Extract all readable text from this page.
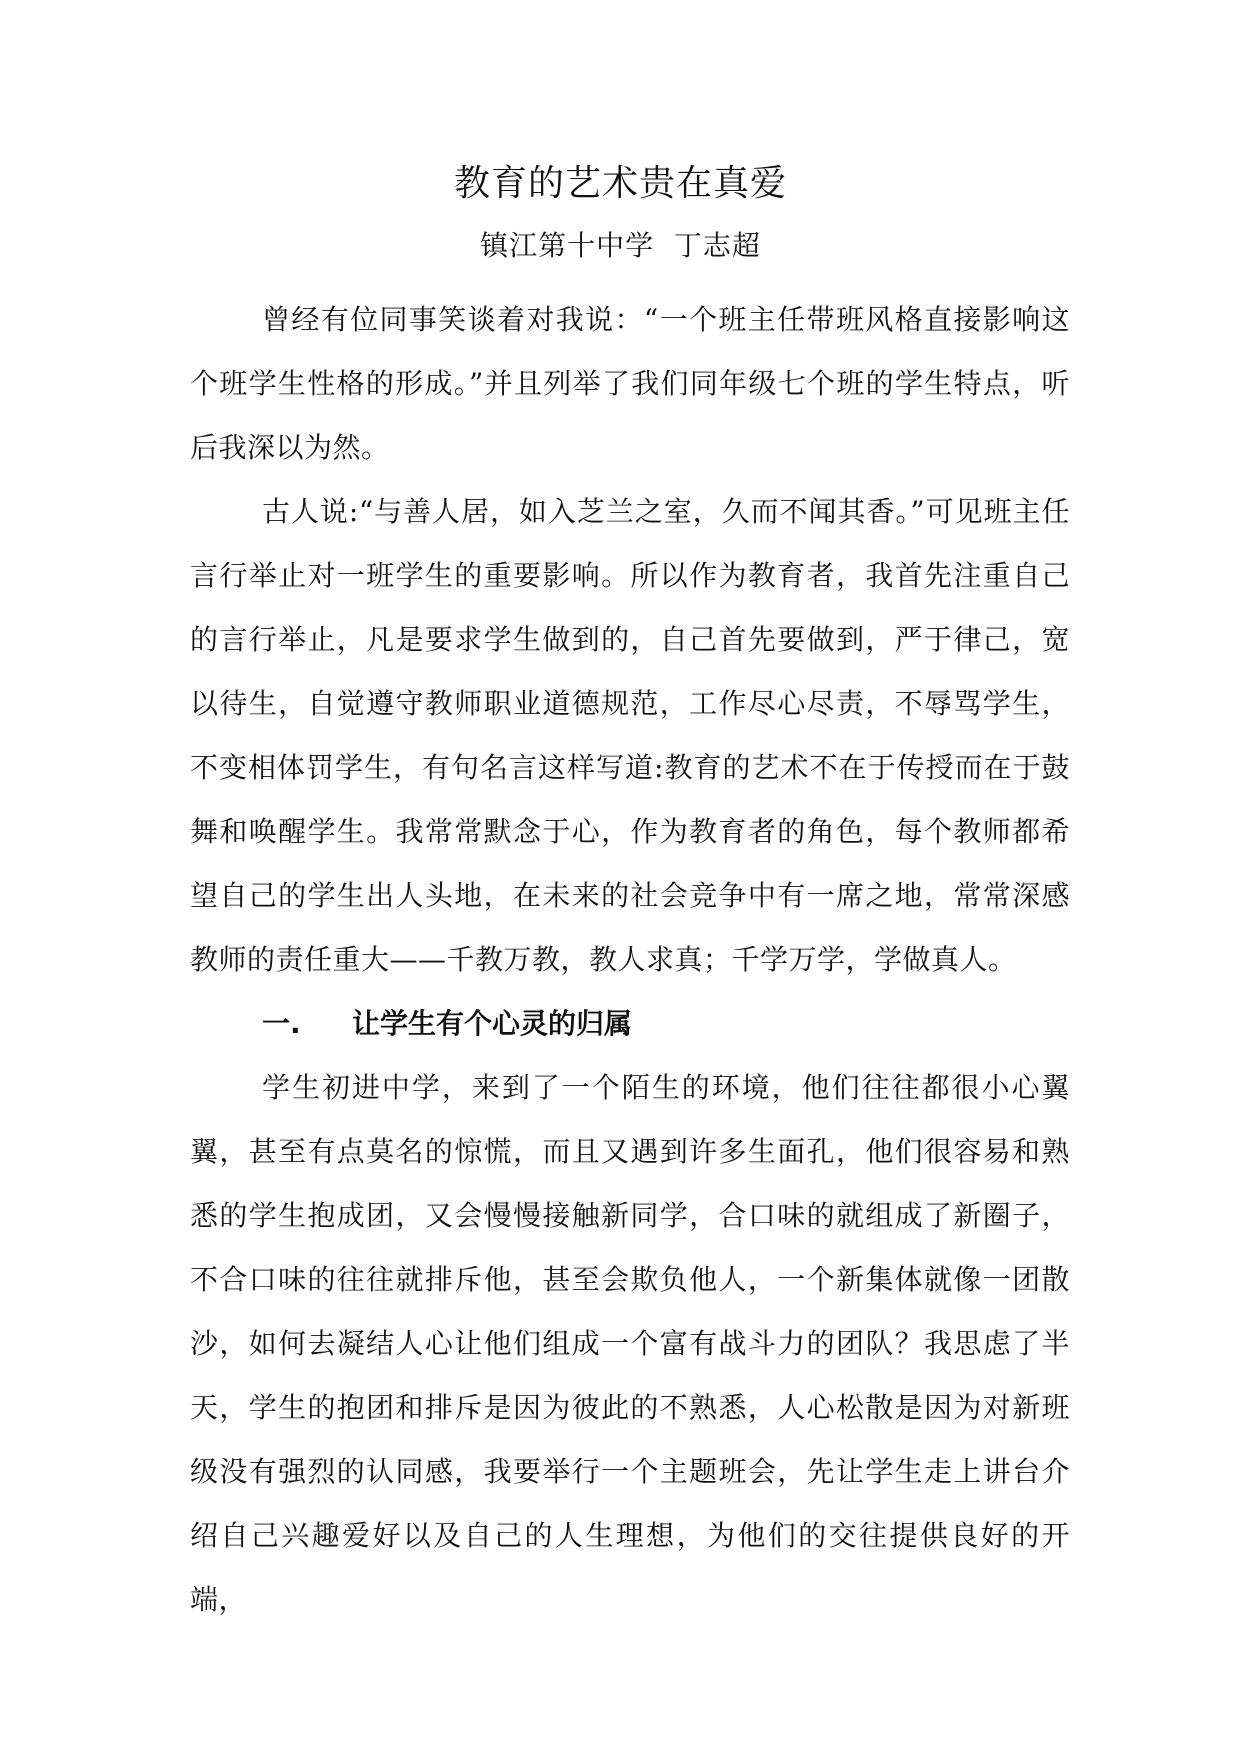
教育的艺术贵在真爱
镇江第十中学  丁志超

曾经有位同事笑谈着对我说：“一个班主任带班风格直接影响这个班学生性格的形成。”并且列举了我们同年级七个班的学生特点，听后我深以为然。

古人说:“与善人居，如入芝兰之室，久而不闻其香。”可见班主任言行举止对一班学生的重要影响。所以作为教育者，我首先注重自己的言行举止，凡是要求学生做到的，自己首先要做到，严于律己，宽以待生，自觉遵守教师职业道德规范，工作尽心尽责，不辱骂学生，不变相体罚学生，有句名言这样写道:教育的艺术不在于传授而在于鼓舞和唤醒学生。我常常默念于心，作为教育者的角色，每个教师都希望自己的学生出人头地，在未来的社会竞争中有一席之地，常常深感教师的责任重大——千教万教，教人求真；千学万学，学做真人。

一.	让学生有个心灵的归属

学生初进中学，来到了一个陌生的环境，他们往往都很小心翼翼，甚至有点莫名的惊慌，而且又遇到许多生面孔，他们很容易和熟悉的学生抱成团，又会慢慢接触新同学，合口味的就组成了新圈子，不合口味的往往就排斥他，甚至会欺负他人，一个新集体就像一团散沙，如何去凝结人心让他们组成一个富有战斗力的团队？我思虑了半天，学生的抱团和排斥是因为彼此的不熟悉，人心松散是因为对新班级没有强烈的认同感，我要举行一个主题班会，先让学生走上讲台介绍自己兴趣爱好以及自己的人生理想，为他们的交往提供良好的开端，
